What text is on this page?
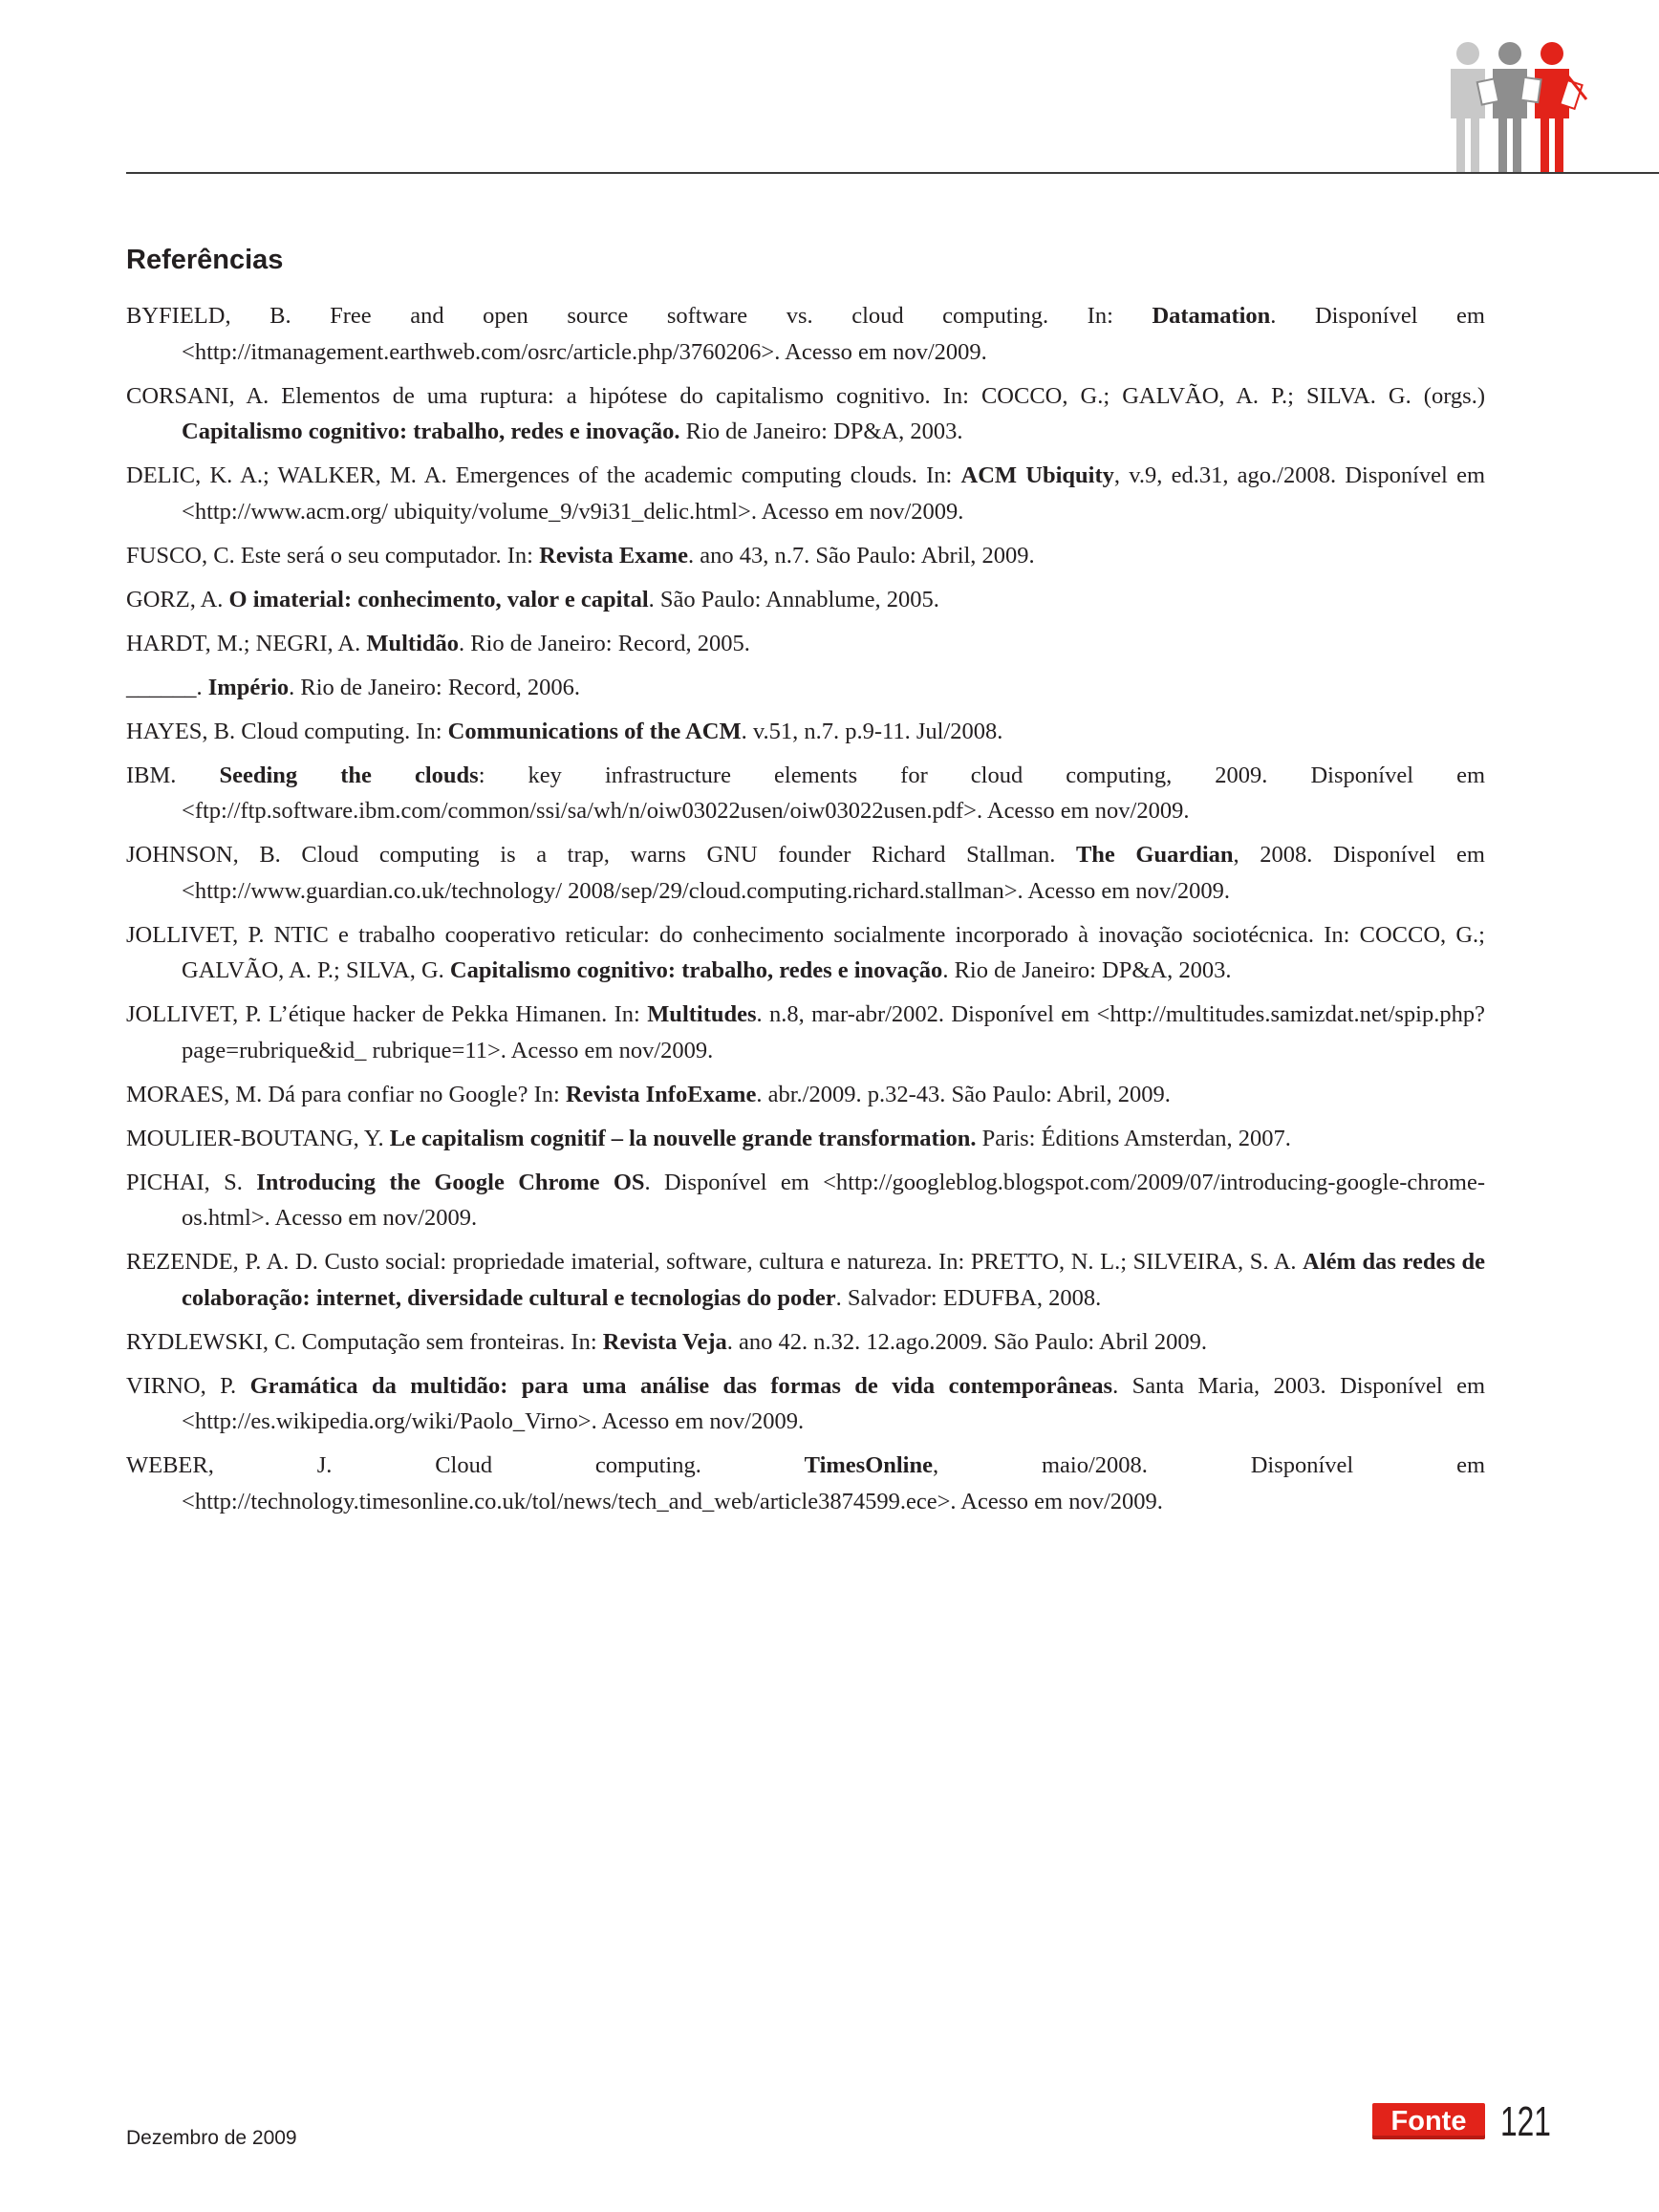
Referências
BYFIELD, B. Free and open source software vs. cloud computing. In: Datamation. Disponível em <http://itmanagement.earthweb.com/osrc/article.php/3760206>. Acesso em nov/2009.
CORSANI, A. Elementos de uma ruptura: a hipótese do capitalismo cognitivo. In: COCCO, G.; GALVÃO, A. P.; SILVA. G. (orgs.) Capitalismo cognitivo: trabalho, redes e inovação. Rio de Janeiro: DP&A, 2003.
DELIC, K. A.; WALKER, M. A. Emergences of the academic computing clouds. In: ACM Ubiquity, v.9, ed.31, ago./2008. Disponível em <http://www.acm.org/ ubiquity/volume_9/v9i31_delic.html>. Acesso em nov/2009.
FUSCO, C. Este será o seu computador. In: Revista Exame. ano 43, n.7. São Paulo: Abril, 2009.
GORZ, A. O imaterial: conhecimento, valor e capital. São Paulo: Annablume, 2005.
HARDT, M.; NEGRI, A. Multidão. Rio de Janeiro: Record, 2005.
______. Império. Rio de Janeiro: Record, 2006.
HAYES, B. Cloud computing. In: Communications of the ACM. v.51, n.7. p.9-11. Jul/2008.
IBM. Seeding the clouds: key infrastructure elements for cloud computing, 2009. Disponível em <ftp://ftp.software.ibm.com/common/ssi/sa/wh/n/oiw03022usen/oiw03022usen.pdf>. Acesso em nov/2009.
JOHNSON, B. Cloud computing is a trap, warns GNU founder Richard Stallman. The Guardian, 2008. Disponível em <http://www.guardian.co.uk/technology/ 2008/sep/29/cloud.computing.richard.stallman>. Acesso em nov/2009.
JOLLIVET, P. NTIC e trabalho cooperativo reticular: do conhecimento socialmente incorporado à inovação sociotécnica. In: COCCO, G.; GALVÃO, A. P.; SILVA, G. Capitalismo cognitivo: trabalho, redes e inovação. Rio de Janeiro: DP&A, 2003.
JOLLIVET, P. L’étique hacker de Pekka Himanen. In: Multitudes. n.8, mar-abr/2002. Disponível em <http://multitudes.samizdat.net/spip.php?page=rubrique&id_ rubrique=11>. Acesso em nov/2009.
MORAES, M. Dá para confiar no Google? In: Revista InfoExame. abr./2009. p.32-43. São Paulo: Abril, 2009.
MOULIER-BOUTANG, Y. Le capitalism cognitif – la nouvelle grande transformation. Paris: Éditions Amsterdan, 2007.
PICHAI, S. Introducing the Google Chrome OS. Disponível em <http://googleblog.blogspot.com/2009/07/introducing-google-chrome-os.html>. Acesso em nov/2009.
REZENDE, P. A. D. Custo social: propriedade imaterial, software, cultura e natureza. In: PRETTO, N. L.; SILVEIRA, S. A. Além das redes de colaboração: internet, diversidade cultural e tecnologias do poder. Salvador: EDUFBA, 2008.
RYDLEWSKI, C. Computação sem fronteiras. In: Revista Veja. ano 42. n.32. 12.ago.2009. São Paulo: Abril 2009.
VIRNO, P. Gramática da multidão: para uma análise das formas de vida contemporâneas. Santa Maria, 2003. Disponível em <http://es.wikipedia.org/wiki/Paolo_Virno>. Acesso em nov/2009.
WEBER, J. Cloud computing. TimesOnline, maio/2008. Disponível em <http://technology.timesonline.co.uk/tol/news/tech_and_web/article3874599.ece>. Acesso em nov/2009.
Dezembro de 2009
Fonte 121
